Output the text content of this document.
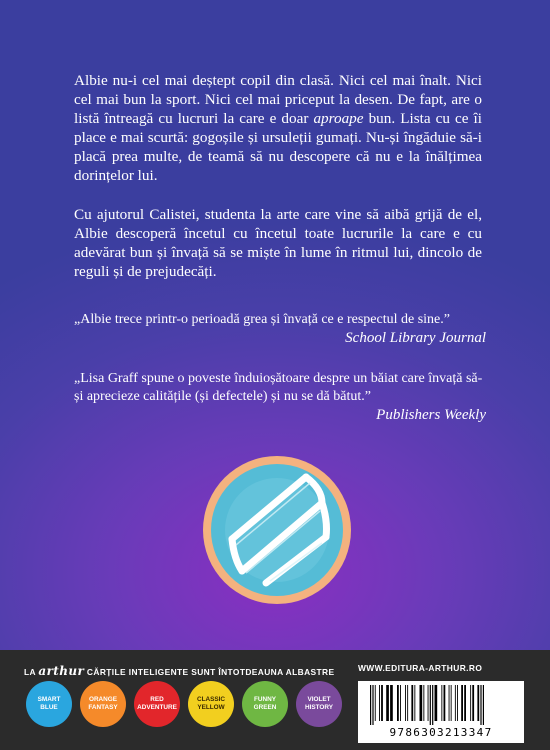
Albie nu-i cel mai deștept copil din clasă. Nici cel mai înalt. Nici cel mai bun la sport. Nici cel mai priceput la desen. De fapt, are o listă întreagă cu lucruri la care e doar aproape bun. Lista cu ce îi place e mai scurtă: gogoșile și ursuleții gumați. Nu-și îngăduie să-i placă prea multe, de teamă să nu descopere că nu e la înălțimea dorințelor lui.

Cu ajutorul Calistei, studenta la arte care vine să aibă grijă de el, Albie descoperă încetul cu încetul toate lucrurile la care e cu adevărat bun și învață să se miște în lume în ritmul lui, dincolo de reguli și de prejudecăți.

„Albie trece printr-o perioadă grea și învață ce e respectul de sine.”
School Library Journal

„Lisa Graff spune o poveste înduioșătoare despre un băiat care învață să-și aprecieze calitățile (și defectele) și nu se dă bătut.”
Publishers Weekly

LA arthur CĂRȚILE INTELIGENTE SUNT ÎNTOTDEAUNA ALBASTRE	WWW.EDITURA-ARTHUR.RO
SMART BLUE
ORANGE FANTASY
RED ADVENTURE
CLASSIC YELLOW
FUNNY GREEN
VIOLET HISTORY
9786303213347
